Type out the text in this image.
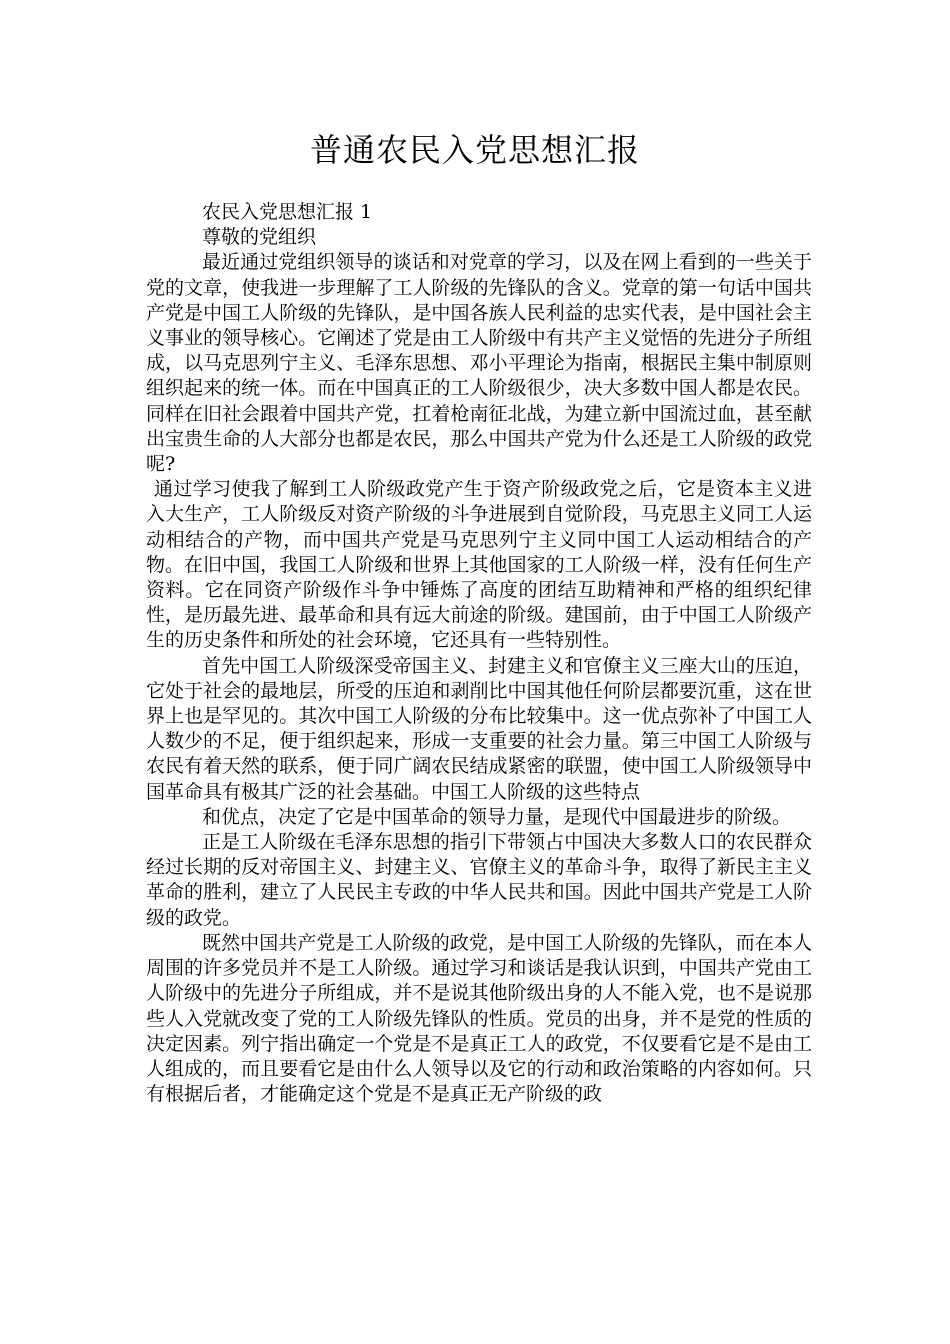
普通农民入党思想汇报

农民入党思想汇报 1

尊敬的党组织

最近通过党组织领导的谈话和对党章的学习，以及在网上看到的一些关于党的文章，使我进一步理解了工人阶级的先锋队的含义。党章的第一句话中国共产党是中国工人阶级的先锋队，是中国各族人民利益的忠实代表，是中国社会主义事业的领导核心。它阐述了党是由工人阶级中有共产主义觉悟的先进分子所组成，以马克思列宁主义、毛泽东思想、邓小平理论为指南，根据民主集中制原则组织起来的统一体。而在中国真正的工人阶级很少，决大多数中国人都是农民。同样在旧社会跟着中国共产党，扛着枪南征北战，为建立新中国流过血，甚至献出宝贵生命的人大部分也都是农民，那么中国共产党为什么还是工人阶级的政党呢?

通过学习使我了解到工人阶级政党产生于资产阶级政党之后，它是资本主义进入大生产，工人阶级反对资产阶级的斗争进展到自觉阶段，马克思主义同工人运动相结合的产物，而中国共产党是马克思列宁主义同中国工人运动相结合的产物。在旧中国，我国工人阶级和世界上其他国家的工人阶级一样，没有任何生产资料。它在同资产阶级作斗争中锤炼了高度的团结互助精神和严格的组织纪律性，是历最先进、最革命和具有远大前途的阶级。建国前，由于中国工人阶级产生的历史条件和所处的社会环境，它还具有一些特别性。

首先中国工人阶级深受帝国主义、封建主义和官僚主义三座大山的压迫，它处于社会的最地层，所受的压迫和剥削比中国其他任何阶层都要沉重，这在世界上也是罕见的。其次中国工人阶级的分布比较集中。这一优点弥补了中国工人人数少的不足，便于组织起来，形成一支重要的社会力量。第三中国工人阶级与农民有着天然的联系，便于同广阔农民结成紧密的联盟，使中国工人阶级领导中国革命具有极其广泛的社会基础。中国工人阶级的这些特点

和优点，决定了它是中国革命的领导力量，是现代中国最进步的阶级。

正是工人阶级在毛泽东思想的指引下带领占中国决大多数人口的农民群众经过长期的反对帝国主义、封建主义、官僚主义的革命斗争，取得了新民主主义革命的胜利，建立了人民民主专政的中华人民共和国。因此中国共产党是工人阶级的政党。

既然中国共产党是工人阶级的政党，是中国工人阶级的先锋队，而在本人周围的许多党员并不是工人阶级。通过学习和谈话是我认识到，中国共产党由工人阶级中的先进分子所组成，并不是说其他阶级出身的人不能入党，也不是说那些人入党就改变了党的工人阶级先锋队的性质。党员的出身，并不是党的性质的决定因素。列宁指出确定一个党是不是真正工人的政党，不仅要看它是不是由工人组成的，而且要看它是由什么人领导以及它的行动和政治策略的内容如何。只有根据后者，才能确定这个党是不是真正无产阶级的政
